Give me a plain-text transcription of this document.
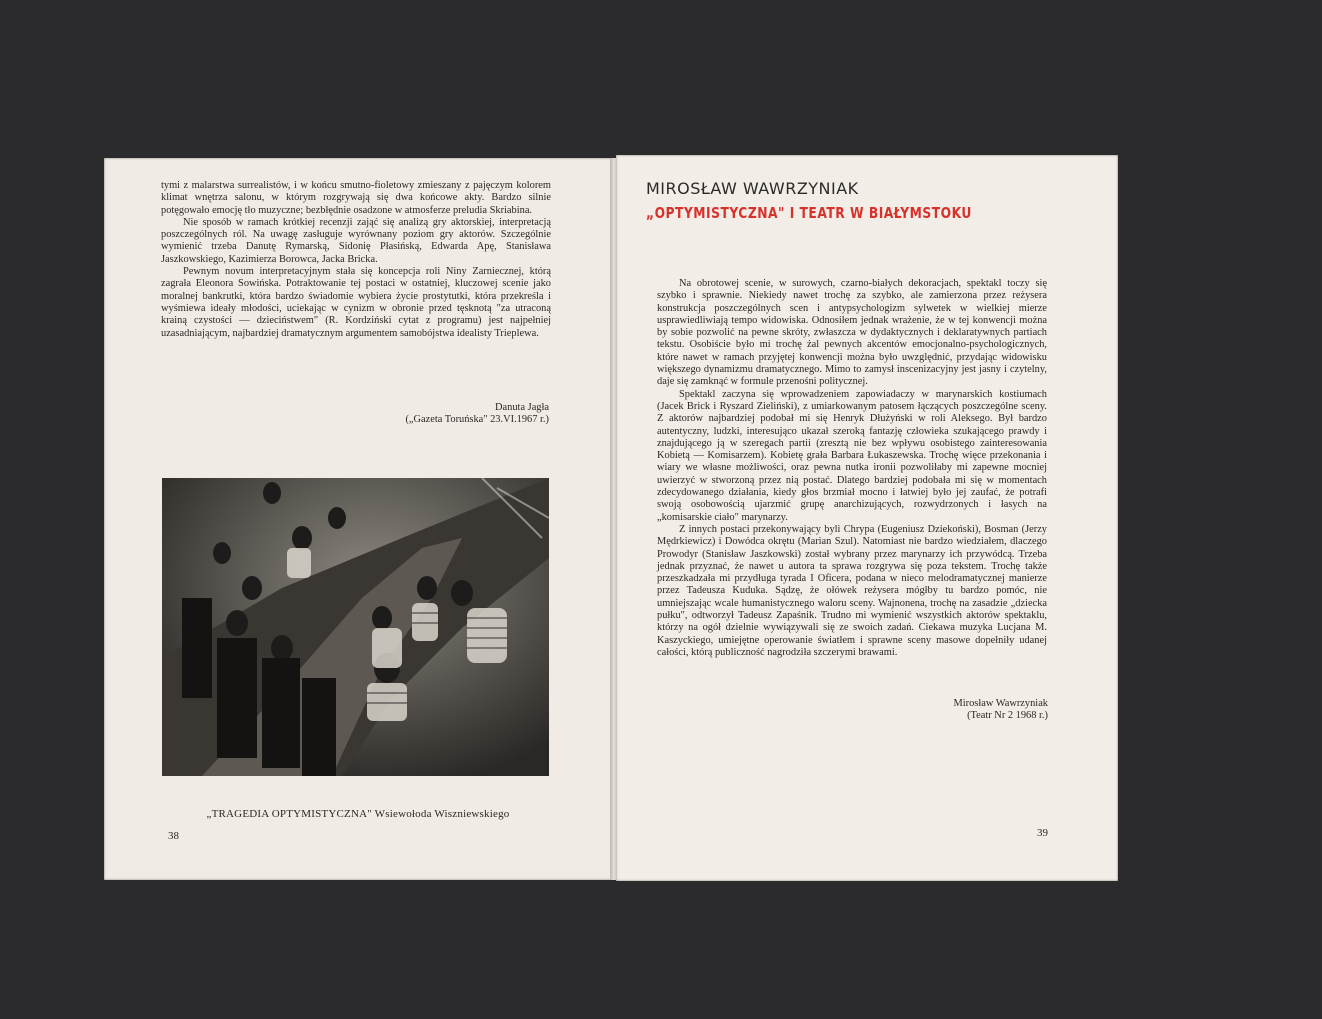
tymi z malarstwa surrealistów, i w końcu smutno-fioletowy zmieszany z pajęczym kolorem klimat wnętrza salonu, w którym rozgrywają się dwa końcowe akty. Bardzo silnie potęgowało emocję tło muzyczne; bezbłędnie osadzone w atmosferze preludia Skriabina.

Nie sposób w ramach krótkiej recenzji zająć się analizą gry aktorskiej, interpretacją poszczególnych ról. Na uwagę zasługuje wyrównany poziom gry aktorów. Szczególnie wymienić trzeba Danutę Rymarską, Sidonię Płasińską, Edwarda Apę, Stanisława Jaszkowskiego, Kazimierza Borowca, Jacka Bricka.

Pewnym novum interpretacyjnym stała się koncepcja roli Niny Zarniecznej, którą zagrała Eleonora Sowińska. Potraktowanie tej postaci w ostatniej, kluczowej scenie jako moralnej bankrutki, która bardzo świadomie wybiera życie prostytutki, która przekreśla i wyśmiewa ideały młodości, uciekając w cynizm w obronie przed tęsknotą "za utraconą krainą czystości — dzieciństwem" (R. Kordziński cytat z programu) jest najpełniej uzasadniającym, najbardziej dramatycznym argumentem samobójstwa idealisty Trieplewa.

Danuta Jagła
(„Gazeta Toruńska" 23.VI.1967 r.)
„TRAGEDIA OPTYMISTYCZNA" Wsiewołoda Wiszniewskiego
38
MIROSŁAW WAWRZYNIAK
„OPTYMISTYCZNA" I TEATR W BIAŁYMSTOKU

Na obrotowej scenie, w surowych, czarno-białych dekoracjach, spektakl toczy się szybko i sprawnie. Niekiedy nawet trochę za szybko, ale zamierzona przez reżysera konstrukcja poszczególnych scen i antypsychologizm sylwetek w wielkiej mierze usprawiedliwiają tempo widowiska. Odnosiłem jednak wrażenie, że w tej konwencji można by sobie pozwolić na pewne skróty, zwłaszcza w dydaktycznych i deklaratywnych partiach tekstu. Osobiście było mi trochę żal pewnych akcentów emocjonalno-psychologicznych, które nawet w ramach przyjętej konwencji można było uwzględnić, przydając widowisku większego dynamizmu dramatycznego. Mimo to zamysł inscenizacyjny jest jasny i czytelny, daje się zamknąć w formule przenośni politycznej.

Spektakl zaczyna się wprowadzeniem zapowiadaczy w marynarskich kostiumach (Jacek Brick i Ryszard Zieliński), z umiarkowanym patosem łączących poszczególne sceny. Z aktorów najbardziej podobał mi się Henryk Dłużyński w roli Aleksego. Był bardzo autentyczny, ludzki, interesująco ukazał szeroką fantazję człowieka szukającego prawdy i znajdującego ją w szeregach partii (zresztą nie bez wpływu osobistego zainteresowania Kobietą — Komisarzem). Kobietę grała Barbara Łukaszewska. Trochę więce przekonania i wiary we własne możliwości, oraz pewna nutka ironii pozwoliłaby mi zapewne mocniej uwierzyć w stworzoną przez nią postać. Dlatego bardziej podobała mi się w momentach zdecydowanego działania, kiedy głos brzmiał mocno i łatwiej było jej zaufać, że potrafi swoją osobowością ujarzmić grupę anarchizujących, rozwydrzonych i łasych na „komisarskie ciało" marynarzy.

Z innych postaci przekonywający byli Chrypa (Eugeniusz Dziekoński), Bosman (Jerzy Mędrkiewicz) i Dowódca okrętu (Marian Szul). Natomiast nie bardzo wiedziałem, dlaczego Prowodyr (Stanisław Jaszkowski) został wybrany przez marynarzy ich przywódcą. Trzeba jednak przyznać, że nawet u autora ta sprawa rozgrywa się poza tekstem. Trochę także przeszkadzała mi przydługa tyrada I Oficera, podana w nieco melodramatycznej manierze przez Tadeusza Kuduka. Sądzę, że ołówek reżysera mógłby tu bardzo pomóc, nie umniejszając wcale humanistycznego waloru sceny. Wajnonena, trochę na zasadzie „dziecka pułku", odtworzył Tadeusz Zapaśnik. Trudno mi wymienić wszystkich aktorów spektaklu, którzy na ogół dzielnie wywiązywali się ze swoich zadań. Ciekawa muzyka Lucjana M. Kaszyckiego, umiejętne operowanie światłem i sprawne sceny masowe dopełniły udanej całości, którą publiczność nagrodziła szczerymi brawami.

Mirosław Wawrzyniak
(Teatr Nr 2 1968 r.)
39
